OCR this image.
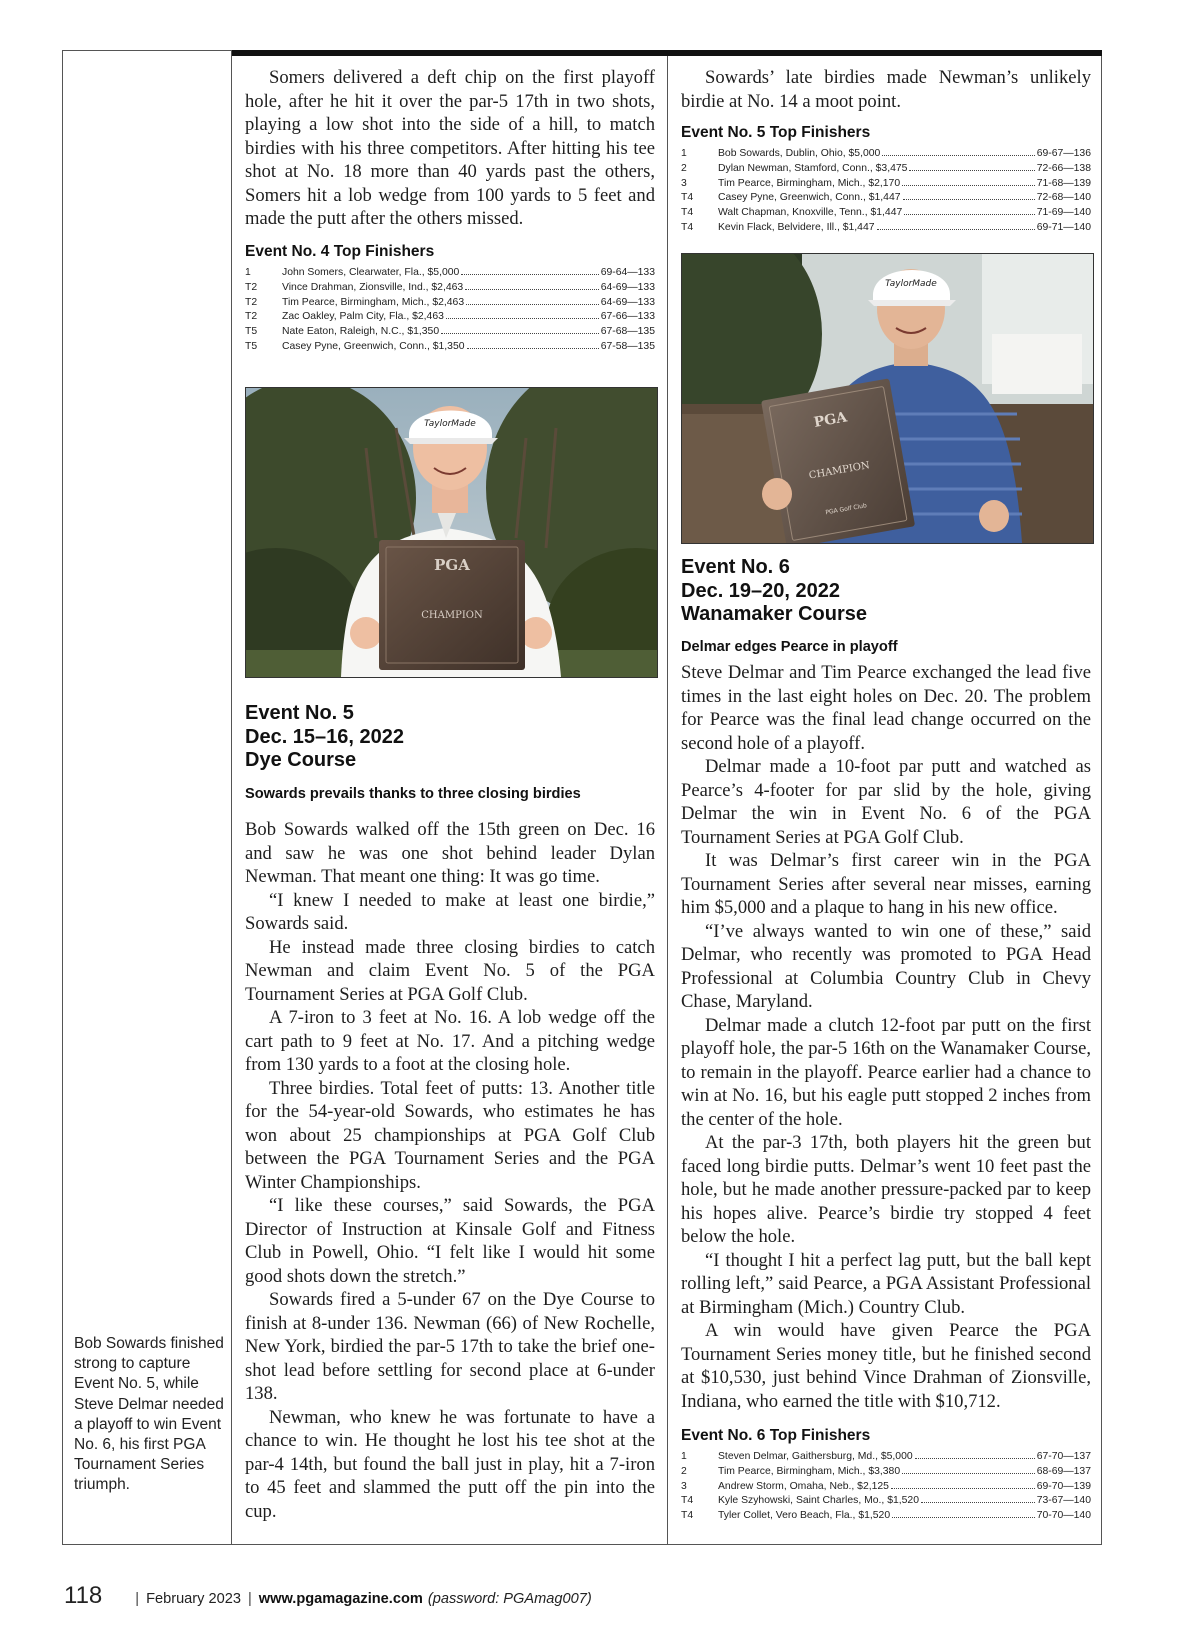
Bob Sowards finished strong to capture Event No. 5, while Steve Delmar needed a playoff to win Event No. 6, his first PGA Tournament Series triumph.

Somers delivered a deft chip on the first playoff hole, after he hit it over the par-5 17th in two shots, playing a low shot into the side of a hill, to match birdies with his three competitors. After hitting his tee shot at No. 18 more than 40 yards past the others, Somers hit a lob wedge from 100 yards to 5 feet and made the putt after the others missed.

Event No. 4 Top Finishers
1	John Somers, Clearwater, Fla., $5,000	69-64—133
T2	Vince Drahman, Zionsville, Ind., $2,463	64-69—133
T2	Tim Pearce, Birmingham, Mich., $2,463	64-69—133
T2	Zac Oakley, Palm City, Fla., $2,463	67-66—133
T5	Nate Eaton, Raleigh, N.C., $1,350	67-68—135
T5	Casey Pyne, Greenwich, Conn., $1,350	67-58—135
TaylorMade
PGA
CHAMPION
Event No. 5
Dec. 15–16, 2022
Dye Course
Sowards prevails thanks to three closing birdies

Bob Sowards walked off the 15th green on Dec. 16 and saw he was one shot behind leader Dylan Newman. That meant one thing: It was go time.

“I knew I needed to make at least one birdie,” Sowards said.

He instead made three closing birdies to catch Newman and claim Event No. 5 of the PGA Tournament Series at PGA Golf Club.

A 7-iron to 3 feet at No. 16. A lob wedge off the cart path to 9 feet at No. 17. And a pitching wedge from 130 yards to a foot at the closing hole.

Three birdies. Total feet of putts: 13. Another title for the 54-year-old Sowards, who estimates he has won about 25 championships at PGA Golf Club between the PGA Tournament Series and the PGA Winter Championships.

“I like these courses,” said Sowards, the PGA Director of Instruction at Kinsale Golf and Fitness Club in Powell, Ohio. “I felt like I would hit some good shots down the stretch.”

Sowards fired a 5-under 67 on the Dye Course to finish at 8-under 136. Newman (66) of New Rochelle, New York, birdied the par-5 17th to take the brief one-shot lead before settling for second place at 6-under 138.

Newman, who knew he was fortunate to have a chance to win. He thought he lost his tee shot at the par-4 14th, but found the ball just in play, hit a 7-iron to 45 feet and slammed the putt off the pin into the cup.

Sowards’ late birdies made Newman’s unlikely birdie at No. 14 a moot point.

Event No. 5 Top Finishers
1	Bob Sowards, Dublin, Ohio, $5,000	69-67—136
2	Dylan Newman, Stamford, Conn., $3,475	72-66—138
3	Tim Pearce, Birmingham, Mich., $2,170	71-68—139
T4	Casey Pyne, Greenwich, Conn., $1,447	72-68—140
T4	Walt Chapman, Knoxville, Tenn., $1,447	71-69—140
T4	Kevin Flack, Belvidere, Ill., $1,447	69-71—140
TaylorMade
PGA
CHAMPION
PGA Golf Club
Event No. 6
Dec. 19–20, 2022
Wanamaker Course
Delmar edges Pearce in playoff

Steve Delmar and Tim Pearce exchanged the lead five times in the last eight holes on Dec. 20. The problem for Pearce was the final lead change occurred on the second hole of a playoff.

Delmar made a 10-foot par putt and watched as Pearce’s 4-footer for par slid by the hole, giving Delmar the win in Event No. 6 of the PGA Tournament Series at PGA Golf Club.

It was Delmar’s first career win in the PGA Tournament Series after several near misses, earning him $5,000 and a plaque to hang in his new office.

“I’ve always wanted to win one of these,” said Delmar, who recently was promoted to PGA Head Professional at Columbia Country Club in Chevy Chase, Maryland.

Delmar made a clutch 12-foot par putt on the first playoff hole, the par-5 16th on the Wanamaker Course, to remain in the playoff. Pearce earlier had a chance to win at No. 16, but his eagle putt stopped 2 inches from the center of the hole.

At the par-3 17th, both players hit the green but faced long birdie putts. Delmar’s went 10 feet past the hole, but he made another pressure-packed par to keep his hopes alive. Pearce’s birdie try stopped 4 feet below the hole.

“I thought I hit a perfect lag putt, but the ball kept rolling left,” said Pearce, a PGA Assistant Professional at Birmingham (Mich.) Country Club.

A win would have given Pearce the PGA Tournament Series money title, but he finished second at $10,530, just behind Vince Drahman of Zionsville, Indiana, who earned the title with $10,712.

Event No. 6 Top Finishers
1	Steven Delmar, Gaithersburg, Md., $5,000	67-70—137
2	Tim Pearce, Birmingham, Mich., $3,380	68-69—137
3	Andrew Storm, Omaha, Neb., $2,125	69-70—139
T4	Kyle Szyhowski, Saint Charles, Mo., $1,520	73-67—140
T4	Tyler Collet, Vero Beach, Fla., $1,520	70-70—140
118 | February 2023 | www.pgamagazine.com (password: PGAmag007)
